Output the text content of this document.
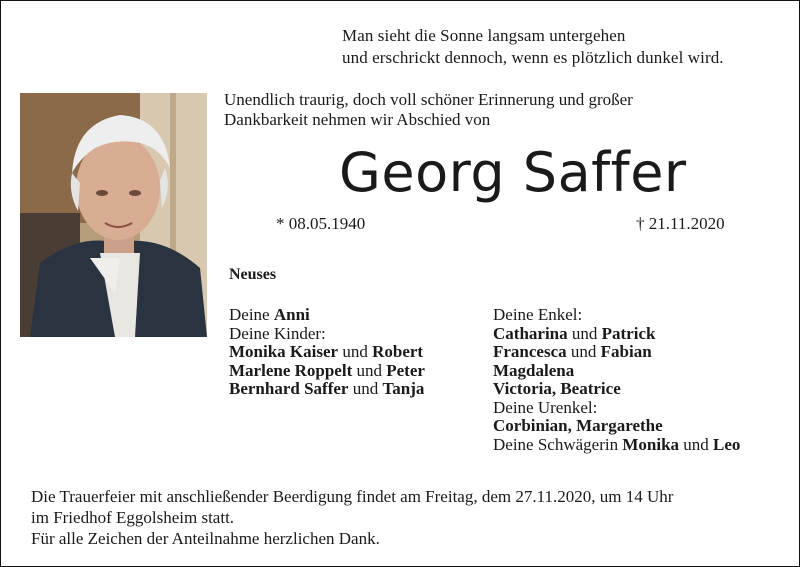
Man sieht die Sonne langsam untergehen
und erschrickt dennoch, wenn es plötzlich dunkel wird.
Unendlich traurig, doch voll schöner Erinnerung und großer
Dankbarkeit nehmen wir Abschied von
Georg Saffer
* 08.05.1940	† 21.11.2020
Neuses
Deine Anni
Deine Kinder:
Monika Kaiser und Robert
Marlene Roppelt und Peter
Bernhard Saffer und Tanja
Deine Enkel:
Catharina und Patrick
Francesca und Fabian
Magdalena
Victoria, Beatrice
Deine Urenkel:
Corbinian, Margarethe
Deine Schwägerin Monika und Leo
Die Trauerfeier mit anschließender Beerdigung findet am Freitag, dem 27.11.2020, um 14 Uhr
im Friedhof Eggolsheim statt.
Für alle Zeichen der Anteilnahme herzlichen Dank.
